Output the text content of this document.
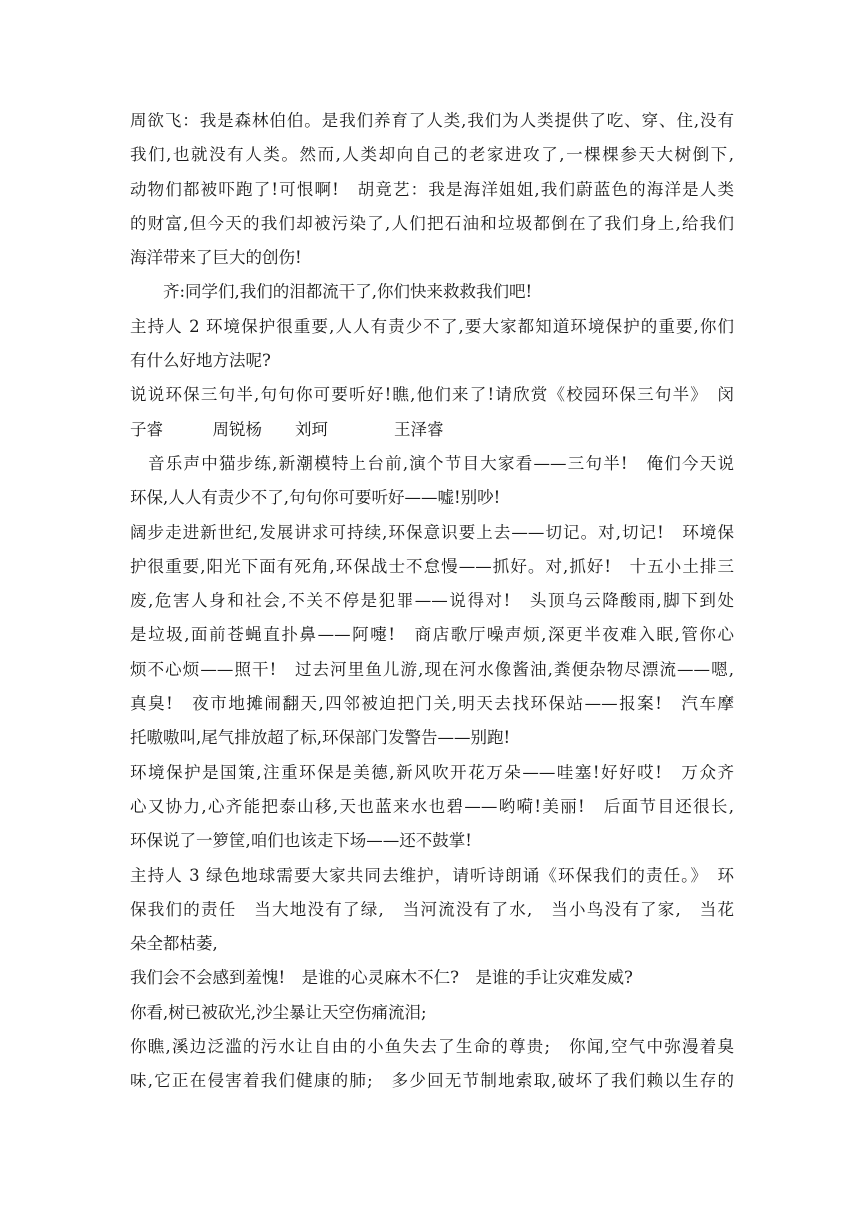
周欲飞：我是森林伯伯。是我们养育了人类,我们为人类提供了吃、穿、住,没有
我们,也就没有人类。然而,人类却向自己的老家进攻了,一棵棵参天大树倒下,
动物们都被吓跑了!可恨啊!　胡竟艺：我是海洋姐姐,我们蔚蓝色的海洋是人类
的财富,但今天的我们却被污染了,人们把石油和垃圾都倒在了我们身上,给我们
海洋带来了巨大的创伤!
齐:同学们,我们的泪都流干了,你们快来救救我们吧!
主持人 2 环境保护很重要,人人有责少不了,要大家都知道环境保护的重要,你们
有什么好地方法呢?
说说环保三句半,句句你可要听好!瞧,他们来了!请欣赏《校园环保三句半》　闵
子睿　　　周锐杨　　刘珂　　　　王泽睿
音乐声中猫步练,新潮模特上台前,演个节目大家看——三句半!　俺们今天说
环保,人人有责少不了,句句你可要听好——嘘!别吵!
阔步走进新世纪,发展讲求可持续,环保意识要上去——切记。对,切记!　环境保
护很重要,阳光下面有死角,环保战士不怠慢——抓好。对,抓好!　十五小土排三
废,危害人身和社会,不关不停是犯罪——说得对!　头顶乌云降酸雨,脚下到处
是垃圾,面前苍蝇直扑鼻——阿嚏!　商店歌厅噪声烦,深更半夜难入眠,管你心
烦不心烦——照干!　过去河里鱼儿游,现在河水像酱油,粪便杂物尽漂流——嗯,
真臭!　夜市地摊闹翻天,四邻被迫把门关,明天去找环保站——报案!　汽车摩
托嗷嗷叫,尾气排放超了标,环保部门发警告——别跑!
环境保护是国策,注重环保是美德,新风吹开花万朵——哇塞!好好哎!　万众齐
心又协力,心齐能把泰山移,天也蓝来水也碧——哟嗬!美丽!　后面节目还很长,
环保说了一箩筐,咱们也该走下场——还不鼓掌!
主持人 3 绿色地球需要大家共同去维护，请听诗朗诵《环保我们的责任。》　环
保我们的责任　当大地没有了绿,　当河流没有了水,　当小鸟没有了家,　当花
朵全都枯萎,
我们会不会感到羞愧!　是谁的心灵麻木不仁?　是谁的手让灾难发威?
你看,树已被砍光,沙尘暴让天空伤痛流泪;
你瞧,溪边泛滥的污水让自由的小鱼失去了生命的尊贵;　你闻,空气中弥漫着臭
味,它正在侵害着我们健康的肺;　多少回无节制地索取,破坏了我们赖以生存的
